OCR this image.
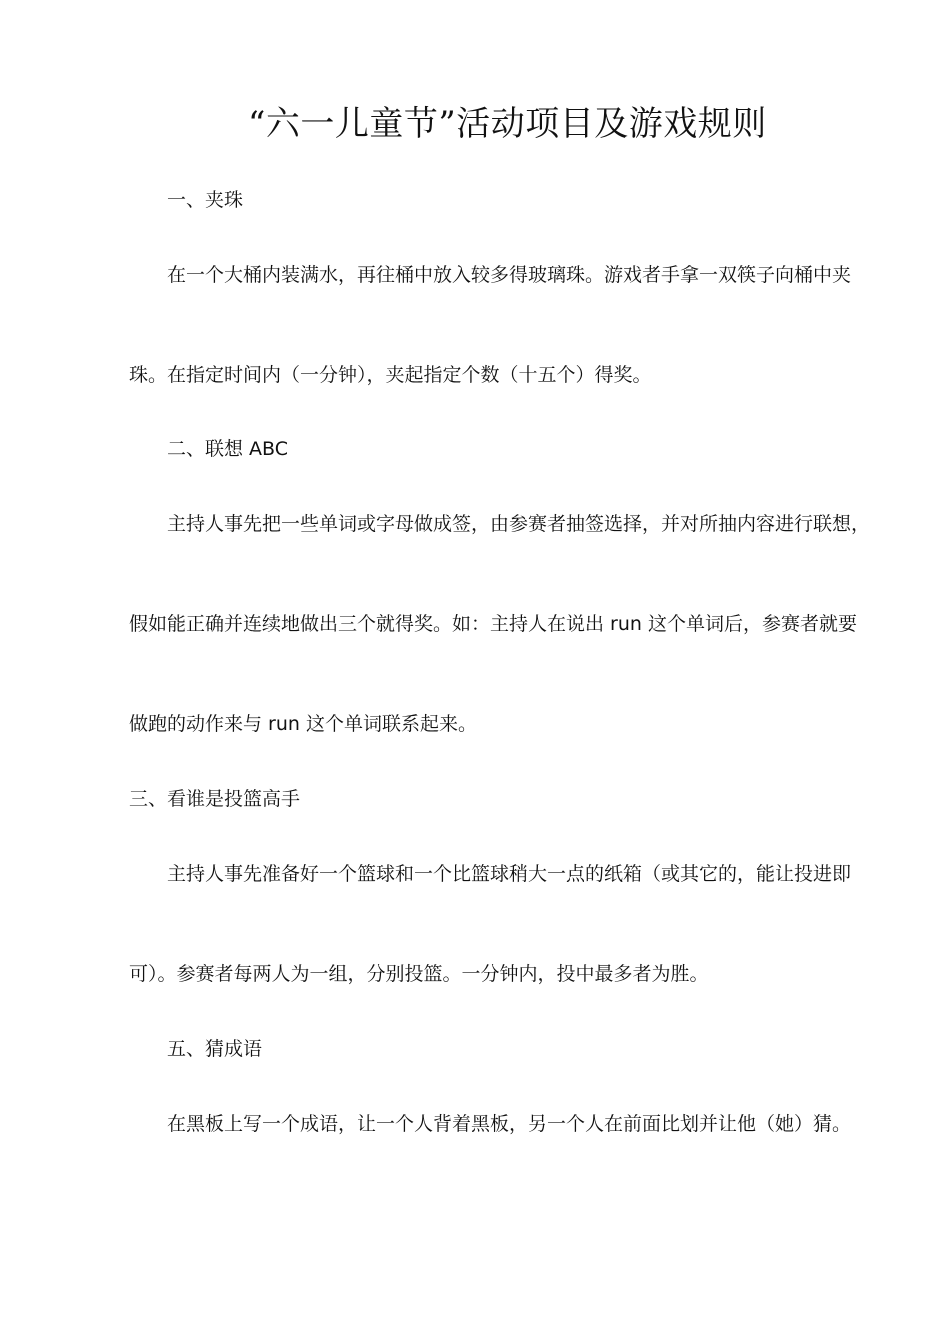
“六一儿童节”活动项目及游戏规则
一、夹珠
在一个大桶内装满水，再往桶中放入较多得玻璃珠。游戏者手拿一双筷子向桶中夹
珠。在指定时间内（一分钟），夹起指定个数（十五个）得奖。
二、联想 ABC
主持人事先把一些单词或字母做成签，由参赛者抽签选择，并对所抽内容进行联想，
假如能正确并连续地做出三个就得奖。如：主持人在说出 run 这个单词后，参赛者就要
做跑的动作来与 run 这个单词联系起来。
三、看谁是投篮高手
主持人事先准备好一个篮球和一个比篮球稍大一点的纸箱（或其它的，能让投进即
可）。参赛者每两人为一组，分别投篮。一分钟内，投中最多者为胜。
五、猜成语
在黑板上写一个成语，让一个人背着黑板，另一个人在前面比划并让他（她）猜。
